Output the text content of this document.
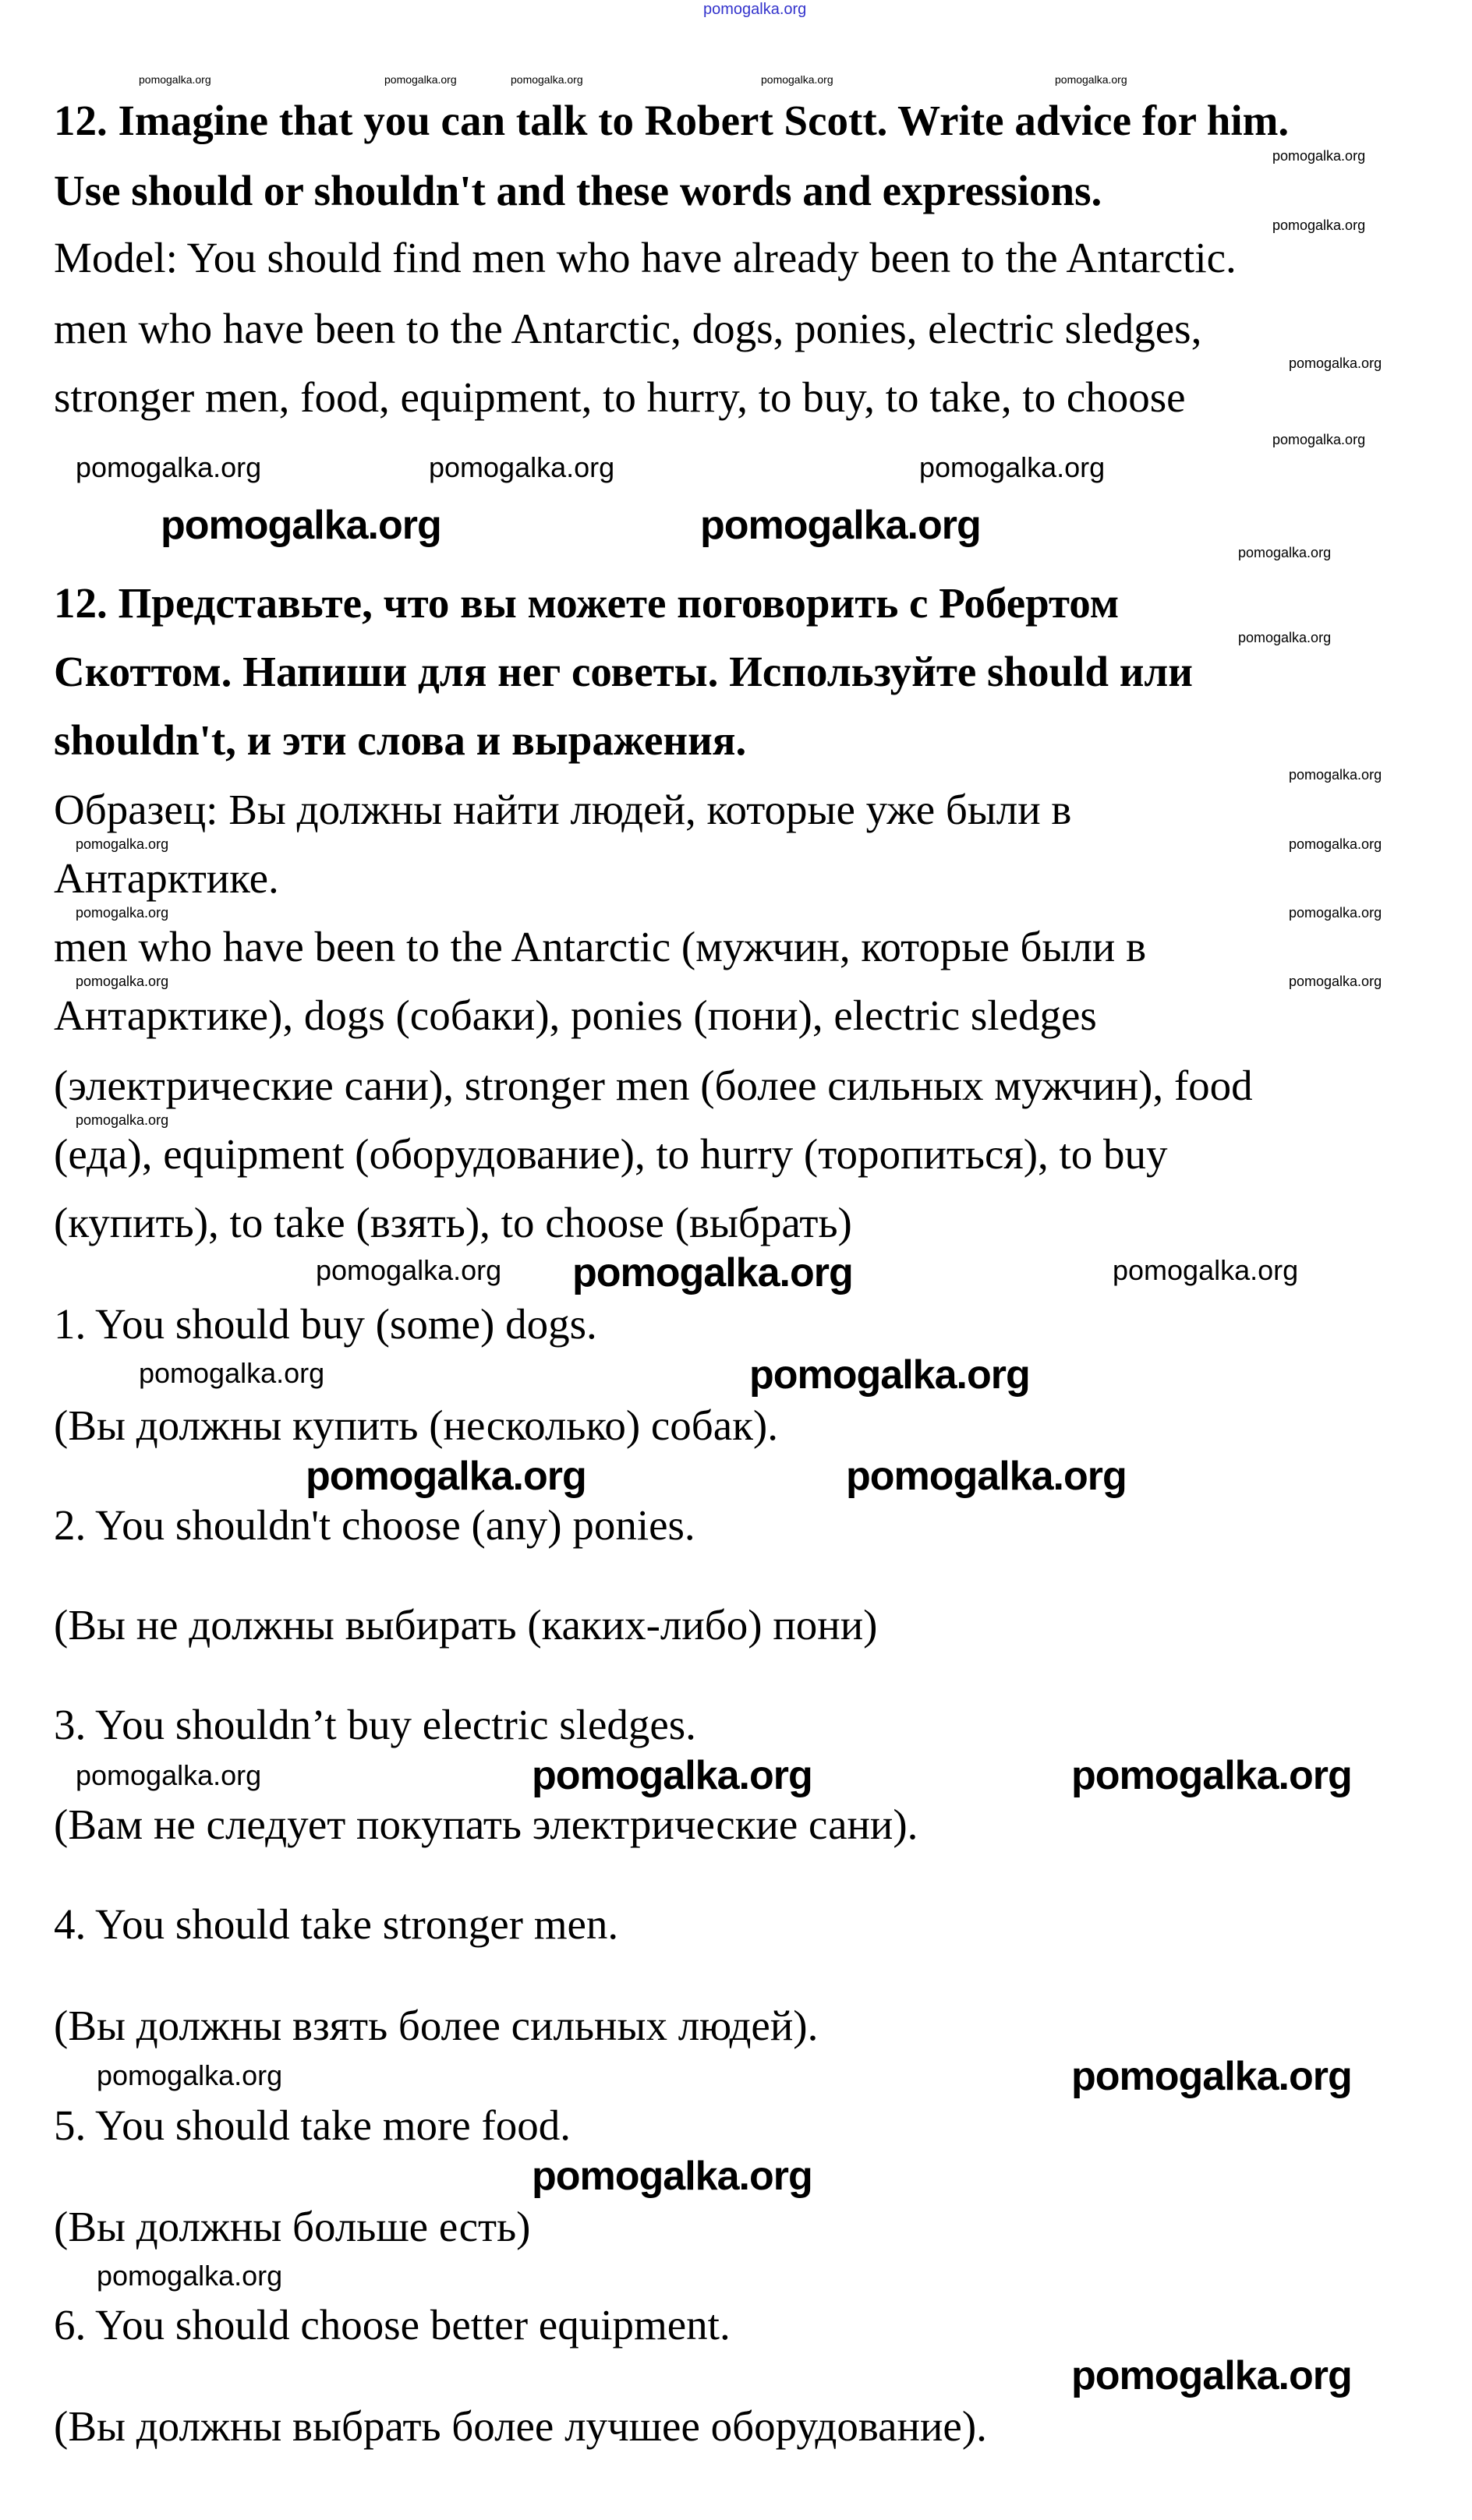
pomogalka.org
pomogalka.org	pomogalka.org	pomogalka.org	pomogalka.org	pomogalka.org
pomogalka.org
pomogalka.org
pomogalka.org
pomogalka.org
pomogalka.org
pomogalka.org
pomogalka.org
pomogalka.org	pomogalka.org
pomogalka.org	pomogalka.org
pomogalka.org	pomogalka.org
pomogalka.org
pomogalka.org	pomogalka.org	pomogalka.org
pomogalka.org	pomogalka.org
pomogalka.org
pomogalka.org
pomogalka.org
pomogalka.org
pomogalka.org	pomogalka.org
pomogalka.org
pomogalka.org
pomogalka.org
pomogalka.org
pomogalka.org
pomogalka.org
pomogalka.org
pomogalka.org
pomogalka.org
12. Imagine that you can talk to Robert Scott. Write advice for him.
Use should or shouldn't and these words and expressions.
Model: You should find men who have already been to the Antarctic.
men who have been to the Antarctic, dogs, ponies, electric sledges,
stronger men, food, equipment, to hurry, to buy, to take, to choose
12. Представьте, что вы можете поговорить с Робертом
Скоттом. Напиши для нег советы. Используйте should или
shouldn't, и эти слова и выражения.
Образец: Вы должны найти людей, которые уже были в
Антарктике.
men who have been to the Antarctic (мужчин, которые были в
Антарктике), dogs (собаки), ponies (пони), electric sledges
(электрические сани), stronger men (более сильных мужчин), food
(еда), equipment (оборудование), to hurry (торопиться), to buy
(купить), to take (взять), to choose (выбрать)
1. You should buy (some) dogs.
(Вы должны купить (несколько) собак).
2. You shouldn't choose (any) ponies.
(Вы не должны выбирать (каких-либо) пони)
3. You shouldn’t buy electric sledges.
(Вам не следует покупать электрические сани).
4. You should take stronger men.
(Вы должны взять более сильных людей).
5. You should take more food.
(Вы должны больше есть)
6. You should choose better equipment.
(Вы должны выбрать более лучшее оборудование).
